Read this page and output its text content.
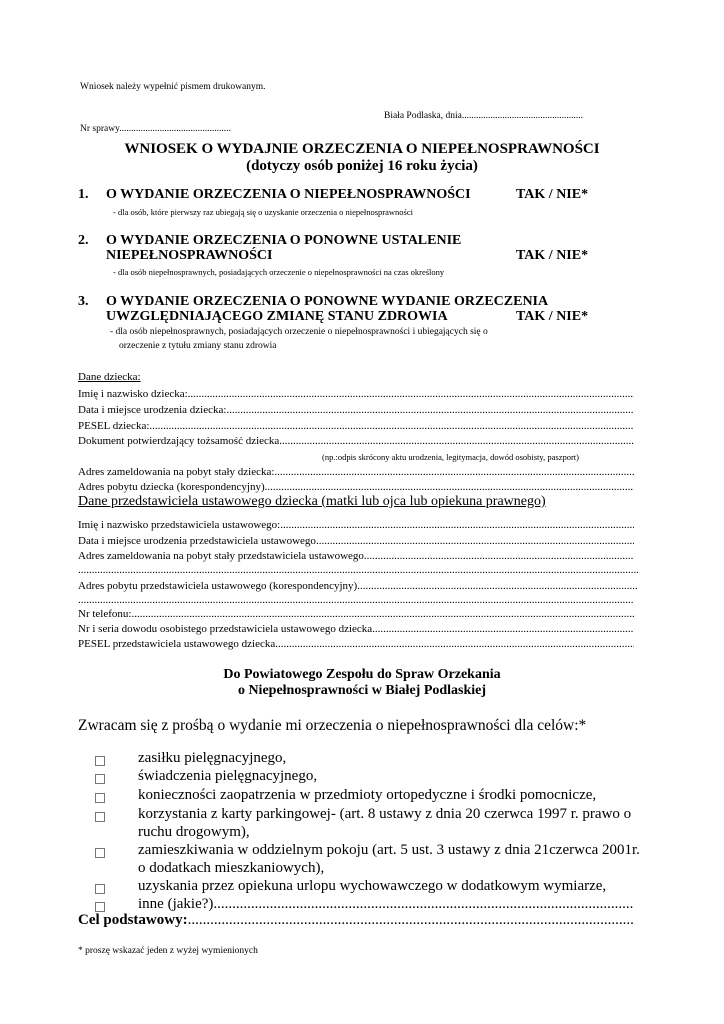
Wniosek należy wypełnić pismem drukowanym.
Biała Podlaska, dnia...................................................
Nr sprawy...............................................
WNIOSEK O WYDAJNIE ORZECZENIA O NIEPEŁNOSPRAWNOŚCI
(dotyczy osób poniżej 16 roku życia)
1. O WYDANIE ORZECZENIA O NIEPEŁNOSPRAWNOŚCI	TAK / NIE*
- dla osób, które pierwszy raz ubiegają się o uzyskanie orzeczenia o niepełnosprawności
2. O WYDANIE ORZECZENIA O PONOWNE USTALENIE
NIEPEŁNOSPRAWNOŚCI	TAK / NIE*
- dla osób niepełnosprawnych, posiadających orzeczenie o niepełnosprawności na czas określony
3. O WYDANIE ORZECZENIA O PONOWNE WYDANIE ORZECZENIA
UWZGLĘDNIAJĄCEGO ZMIANĘ STANU ZDROWIA	TAK / NIE*
- dla osób niepełnosprawnych, posiadających orzeczenie o niepełnosprawności i ubiegających się o
orzeczenie z tytułu zmiany stanu zdrowia
Dane dziecka:
Imię i nazwisko dziecka:
.....
Data i miejsce urodzenia dziecka:
.....
PESEL dziecka:
.....
Dokument potwierdzający tożsamość dziecka
.....
(np.:odpis skrócony aktu urodzenia, legitymacja, dowód osobisty, paszport)
Adres zameldowania na pobyt stały dziecka:
.....
Adres pobytu dziecka (korespondencyjny)
.....
Dane przedstawiciela ustawowego dziecka (matki lub ojca lub opiekuna prawnego)
Imię i nazwisko przedstawiciela ustawowego:
.....
Data i miejsce urodzenia przedstawiciela ustawowego
.....
Adres zameldowania na pobyt stały przedstawiciela ustawowego
.....
.....
Adres pobytu przedstawiciela ustawowego (korespondencyjny)
.....
.....
Nr telefonu:
.....
Nr i seria dowodu osobistego przedstawiciela ustawowego dziecka
.....
PESEL przedstawiciela ustawowego dziecka
.....
Do Powiatowego Zespołu do Spraw Orzekania
o Niepełnosprawności w Białej Podlaskiej
Zwracam się z prośbą o wydanie mi orzeczenia o niepełnosprawności dla celów:*
zasiłku pielęgnacyjnego,
świadczenia pielęgnacyjnego,
konieczności zaopatrzenia w przedmioty ortopedyczne i środki pomocnicze,
korzystania z karty parkingowej- (art. 8 ustawy z dnia 20 czerwca 1997 r. prawo o
ruchu drogowym),
zamieszkiwania w oddzielnym pokoju (art. 5 ust. 3 ustawy z dnia 21czerwca 2001r.
o dodatkach mieszkaniowych),
uzyskania przez opiekuna urlopu wychowawczego w dodatkowym wymiarze,
inne (jakie?)
.....
Cel podstawowy:
.....
* proszę wskazać jeden z wyżej wymienionych
